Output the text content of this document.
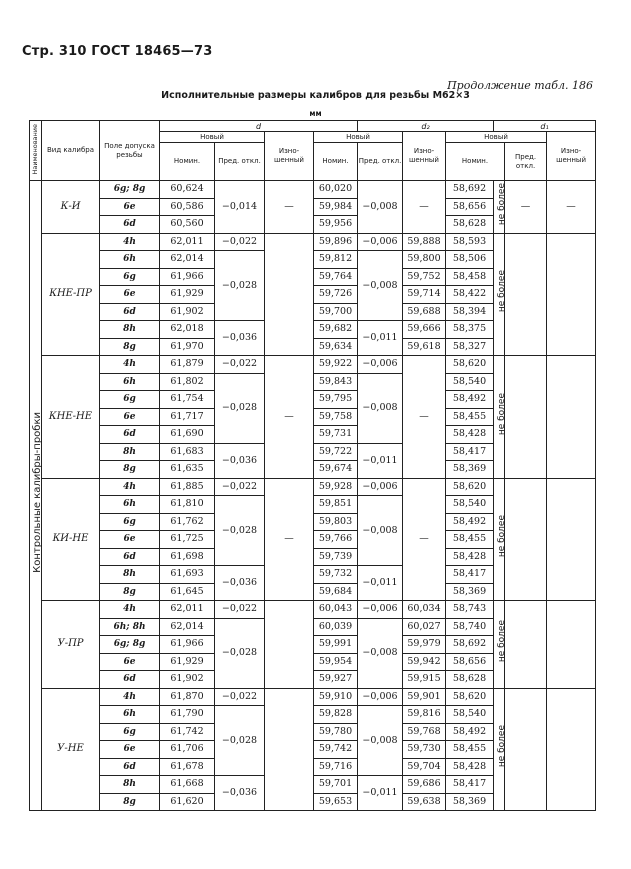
Стр. 310 ГОСТ 18465—73
Продолжение табл. 186
Исполнительные размеры калибров для резьбы М62×3
мм
Наименование	Вид калибра	Поле допуска резьбы	d				d₂			d₁		
			Новый		Изно- шенный	Новый		Изно- шенный	Новый			Изно- шенный
			Номин.	Пред. откл.		Номин.	Пред. откл.		Номин.		Пред. откл.	
Контрольные калибры-пробки	К-И	6g; 8g	60,624	−0,014	—	60,020	−0,008	—	58,692	не более	—	—
		6e	60,586			59,984			58,656			
		6d	60,560			59,956			58,628			
	КНЕ-ПР	4h	62,011	−0,022		59,896	−0,006	59,888	58,593	не более		
		6h	62,014	−0,028		59,812	−0,008	59,800	58,506			
		6g	61,966			59,764		59,752	58,458			
		6e	61,929			59,726		59,714	58,422			
		6d	61,902			59,700		59,688	58,394			
		8h	62,018	−0,036		59,682	−0,011	59,666	58,375			
		8g	61,970			59,634		59,618	58,327			
	КНЕ-НЕ	4h	61,879	−0,022	—	59,922	−0,006	—	58,620	не более		
		6h	61,802	−0,028		59,843	−0,008		58,540			
		6g	61,754			59,795			58,492			
		6e	61,717			59,758			58,455			
		6d	61,690			59,731			58,428			
		8h	61,683	−0,036		59,722	−0,011		58,417			
		8g	61,635			59,674			58,369			
	КИ-НЕ	4h	61,885	−0,022	—	59,928	−0,006	—	58,620	не более		
		6h	61,810	−0,028		59,851	−0,008		58,540			
		6g	61,762			59,803			58,492			
		6e	61,725			59,766			58,455			
		6d	61,698			59,739			58,428			
		8h	61,693	−0,036		59,732	−0,011		58,417			
		8g	61,645			59,684			58,369			
	У-ПР	4h	62,011	−0,022		60,043	−0,006	60,034	58,743	не более		
		6h; 8h	62,014	−0,028		60,039	−0,008	60,027	58,740			
		6g; 8g	61,966			59,991		59,979	58,692			
		6e	61,929			59,954		59,942	58,656			
		6d	61,902			59,927		59,915	58,628			
	У-НЕ	4h	61,870	−0,022		59,910	−0,006	59,901	58,620	не более		
		6h	61,790	−0,028		59,828	−0,008	59,816	58,540			
		6g	61,742			59,780		59,768	58,492			
		6e	61,706			59,742		59,730	58,455			
		6d	61,678			59,716		59,704	58,428			
		8h	61,668	−0,036		59,701	−0,011	59,686	58,417			
		8g	61,620			59,653		59,638	58,369			
